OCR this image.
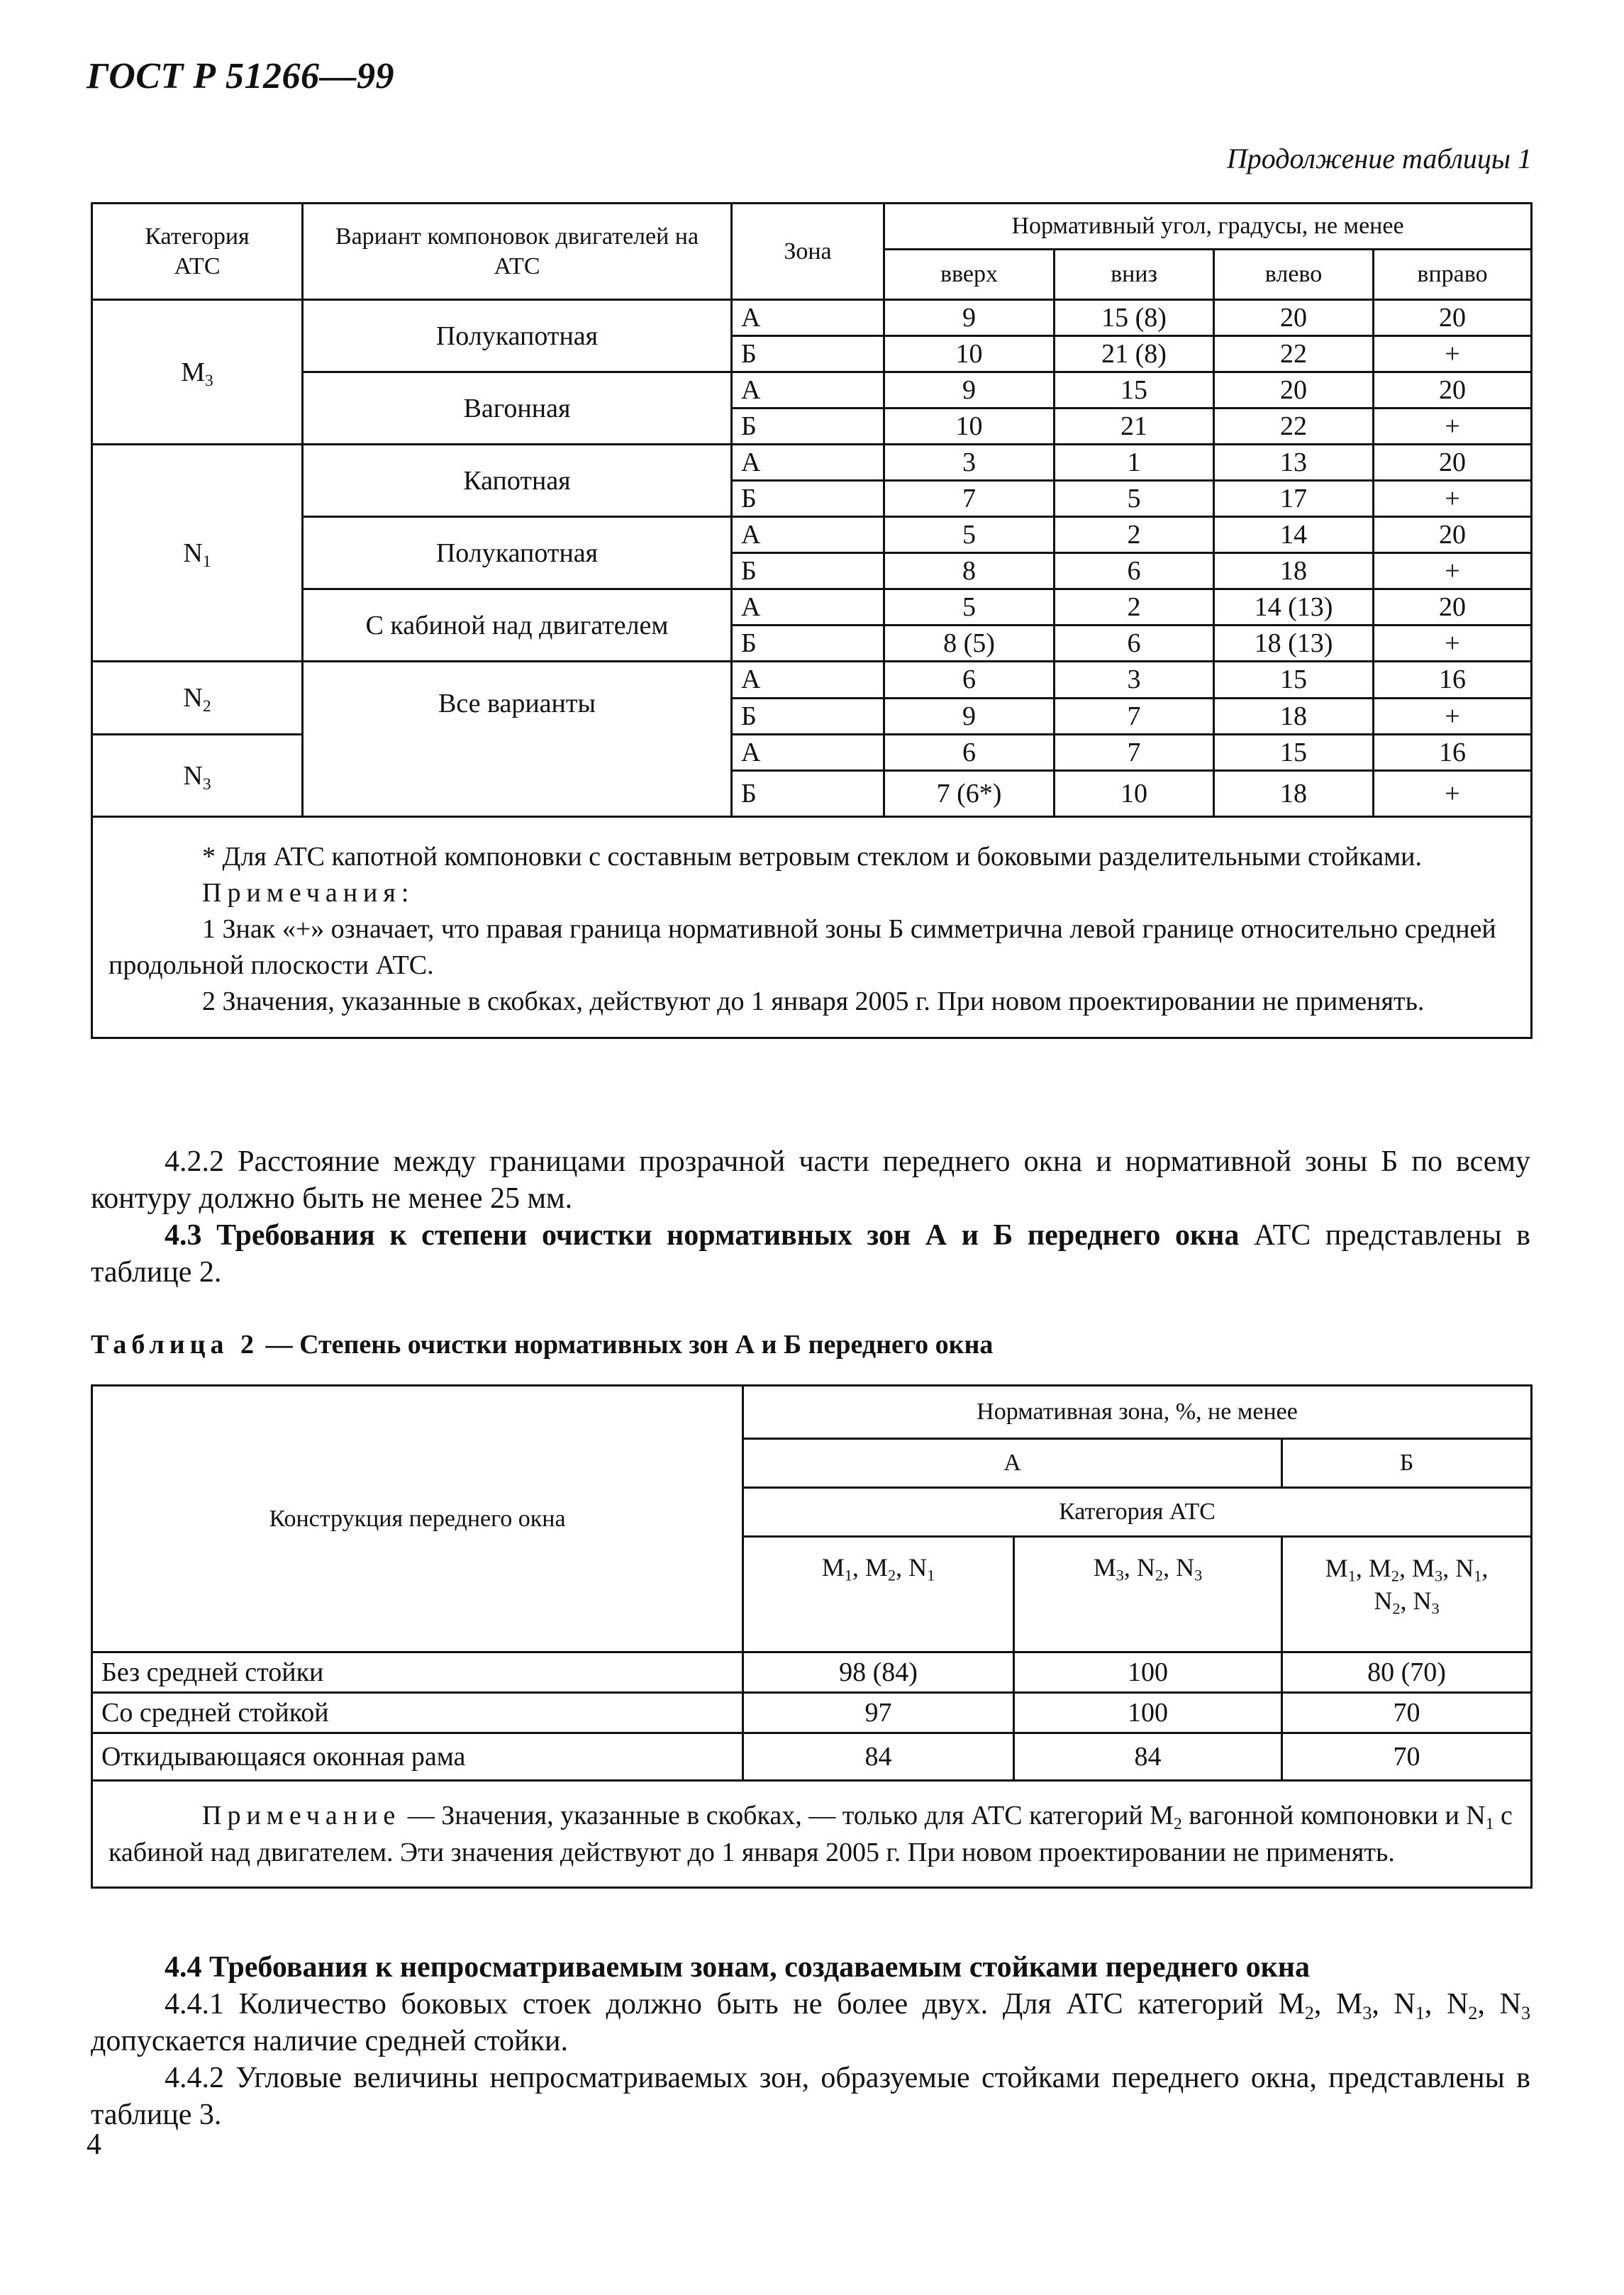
ГОСТ Р 51266—99
Продолжение таблицы 1
Категория АТС	Вариант компоновок двигателей на АТС	Зона	Нормативный угол, градусы, не менее			
			вверх	вниз	влево	вправо
$M_3$	Полукапотная	А	9	15 (8)	20	20
		Б	10	21 (8)	22	+
	Вагонная	А	9	15	20	20
		Б	10	21	22	+
$N_1$	Капотная	А	3	1	13	20
		Б	7	5	17	+
	Полукапотная	А	5	2	14	20
		Б	8	6	18	+
	С кабиной над двигателем	А	5	2	14 (13)	20
		Б	8 (5)	6	18 (13)	+
$N_2$	Все варианты	А	6	3	15	16
		Б	9	7	18	+
$N_3$		А	6	7	15	16
		Б	7 (6*)	10	18	+

* Для АТС капотной компоновки с составным ветровым стеклом и боковыми разделительными стойками.
Примечания:
1 Знак «+» означает, что правая граница нормативной зоны Б симметрична левой границе относительно средней продольной плоскости АТС.
2 Значения, указанные в скобках, действуют до 1 января 2005 г. При новом проектировании не применять.						

4.2.2 Расстояние между границами прозрачной части переднего окна и нормативной зоны Б по всему контуру должно быть не менее 25 мм.

4.3 Требования к степени очистки нормативных зон А и Б переднего окна АТС представлены в таблице 2.

Таблица 2 — Степень очистки нормативных зон А и Б переднего окна
Конструкция переднего окна	Нормативная зона, %, не менее		
	А		Б
	Категория АТС		
	$M_1$, $M_2$, $N_1$	$M_3$, $N_2$, $N_3$	$M_1$, $M_2$, $M_3$, $N_1$,
$N_2$, $N_3$

Без средней стойки	98 (84)	100	80 (70)
Со средней стойкой	97	100	70
Откидывающаяся оконная рама	84	84	70

Примечание — Значения, указанные в скобках, — только для АТС категорий $M_2$ вагонной компоновки и $N_1$ с кабиной над двигателем. Эти значения действуют до 1 января 2005 г. При новом проектировании не применять.			

4.4 Требования к непросматриваемым зонам, создаваемым стойками переднего окна

4.4.1 Количество боковых стоек должно быть не более двух. Для АТС категорий $M_2$, $M_3$, $N_1$, $N_2$, $N_3$ допускается наличие средней стойки.

4.4.2 Угловые величины непросматриваемых зон, образуемые стойками переднего окна, представлены в таблице 3.

4
